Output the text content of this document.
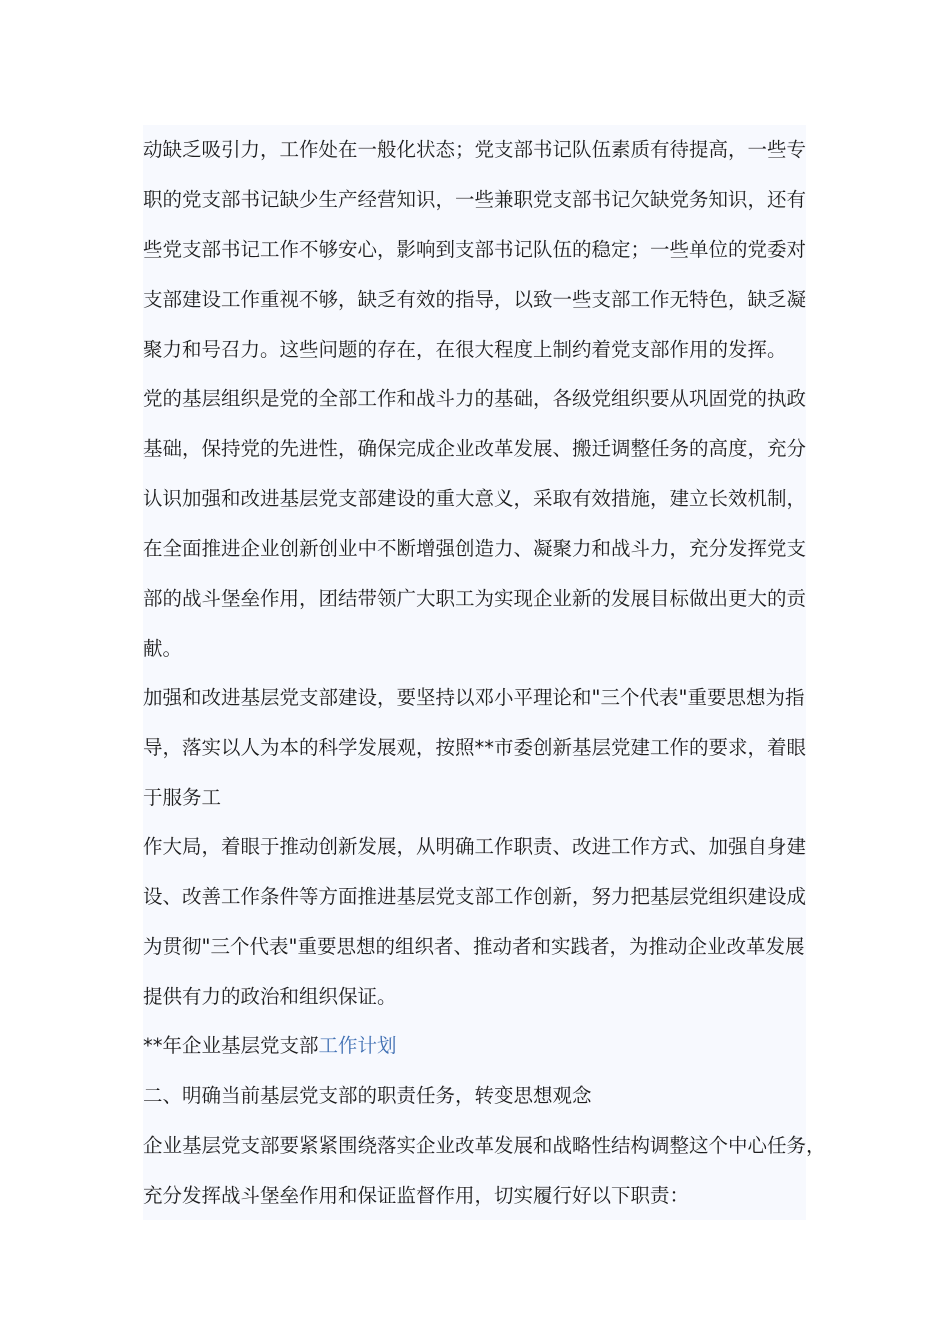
动缺乏吸引力，工作处在一般化状态；党支部书记队伍素质有待提高，一些专
职的党支部书记缺少生产经营知识，一些兼职党支部书记欠缺党务知识，还有
些党支部书记工作不够安心，影响到支部书记队伍的稳定；一些单位的党委对
支部建设工作重视不够，缺乏有效的指导，以致一些支部工作无特色，缺乏凝
聚力和号召力。这些问题的存在，在很大程度上制约着党支部作用的发挥。
党的基层组织是党的全部工作和战斗力的基础，各级党组织要从巩固党的执政
基础，保持党的先进性，确保完成企业改革发展、搬迁调整任务的高度，充分
认识加强和改进基层党支部建设的重大意义，采取有效措施，建立长效机制，
在全面推进企业创新创业中不断增强创造力、凝聚力和战斗力，充分发挥党支
部的战斗堡垒作用，团结带领广大职工为实现企业新的发展目标做出更大的贡
献。
加强和改进基层党支部建设，要坚持以邓小平理论和"三个代表"重要思想为指
导，落实以人为本的科学发展观，按照**市委创新基层党建工作的要求，着眼
于服务工
作大局，着眼于推动创新发展，从明确工作职责、改进工作方式、加强自身建
设、改善工作条件等方面推进基层党支部工作创新，努力把基层党组织建设成
为贯彻"三个代表"重要思想的组织者、推动者和实践者，为推动企业改革发展
提供有力的政治和组织保证。
**年企业基层党支部工作计划
二、明确当前基层党支部的职责任务，转变思想观念
企业基层党支部要紧紧围绕落实企业改革发展和战略性结构调整这个中心任务，
充分发挥战斗堡垒作用和保证监督作用，切实履行好以下职责：
